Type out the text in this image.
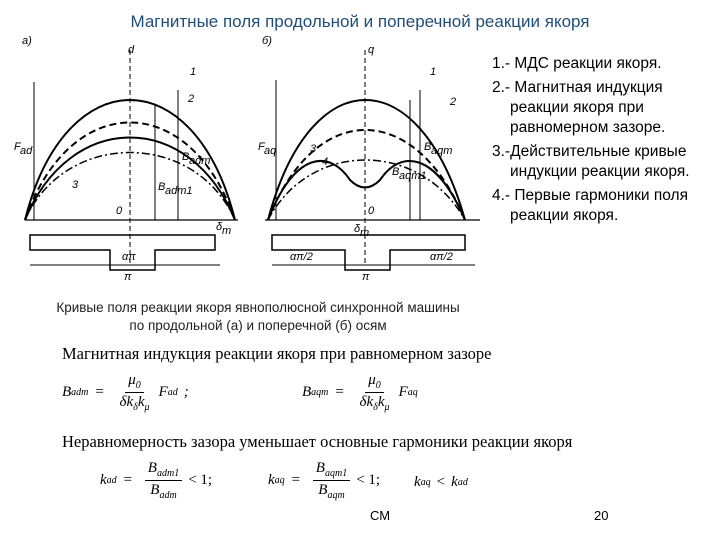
Магнитные поля продольной и поперечной реакции якоря
a)
d
1
2
3
0
F ad
B adm1
B adm
δ m
απ
π
б)
q
1
2
3
4
0
F aq
B aqm1
B aqm
δ m
απ/2	απ/2
π
1.- МДС реакции якоря.
2.- Магнитная индукция реакции якоря при равномерном зазоре.
3.-Действительные кривые индукции реакции якоря.
4.- Первые гармоники поля реакции якоря.
Кривые поля реакции якоря явнополюсной синхронной машины
по продольной (а) и поперечной (б) осям
Магнитная индукция реакции якоря при равномерном зазоре
B adm = $\frac{\mu_0}{\delta k_\delta k_\mu}$ F ad ;	B aqm = $\frac{\mu_0}{\delta k_\delta k_\mu}$ F aq
Неравномерность зазора уменьшает основные гармоники реакции якоря
k ad = $\frac{B_{adm1}}{B_{adm}} < 1$;	k aq = $\frac{B_{aqm1}}{B_{aqm}} < 1$; k aq < k ad
СМ	20
